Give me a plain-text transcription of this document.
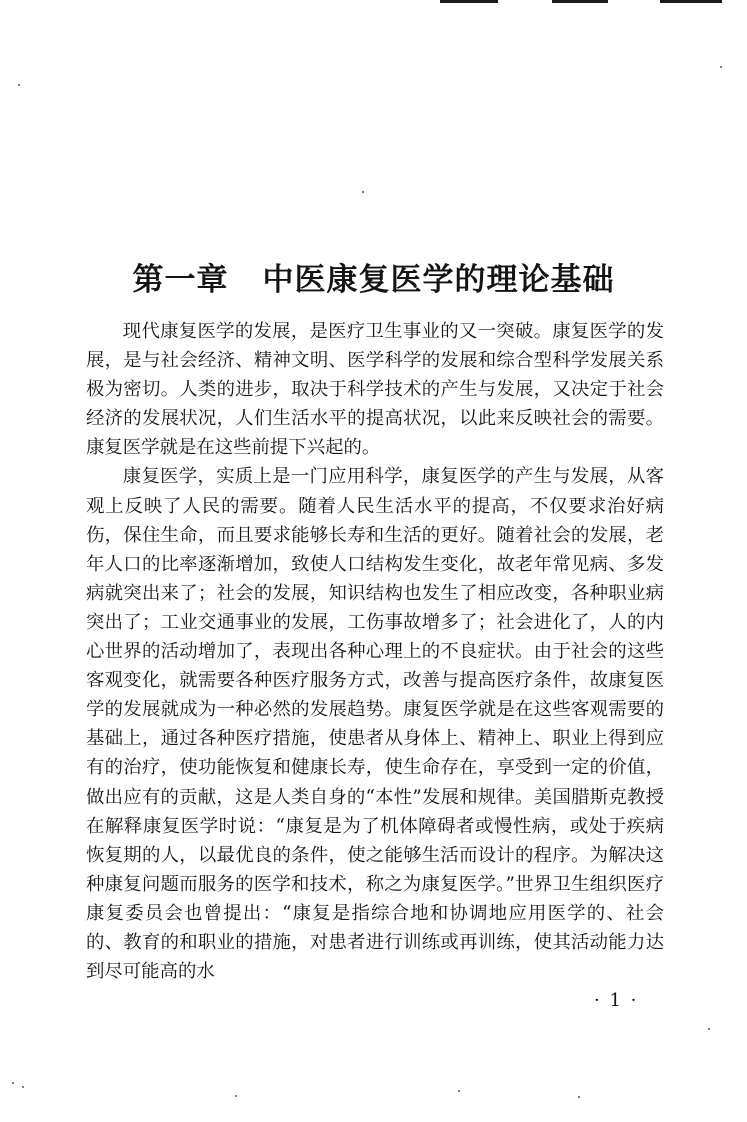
第一章 中医康复医学的理论基础

现代康复医学的发展，是医疗卫生事业的又一突破。康复医学的发展，是与社会经济、精神文明、医学科学的发展和综合型科学发展关系极为密切。人类的进步，取决于科学技术的产生与发展，又决定于社会经济的发展状况，人们生活水平的提高状况，以此来反映社会的需要。康复医学就是在这些前提下兴起的。

康复医学，实质上是一门应用科学，康复医学的产生与发展，从客观上反映了人民的需要。随着人民生活水平的提高，不仅要求治好病伤，保住生命，而且要求能够长寿和生活的更好。随着社会的发展，老年人口的比率逐渐增加，致使人口结构发生变化，故老年常见病、多发病就突出来了；社会的发展，知识结构也发生了相应改变，各种职业病突出了；工业交通事业的发展，工伤事故增多了；社会进化了，人的内心世界的活动增加了，表现出各种心理上的不良症状。由于社会的这些客观变化，就需要各种医疗服务方式，改善与提高医疗条件，故康复医学的发展就成为一种必然的发展趋势。康复医学就是在这些客观需要的基础上，通过各种医疗措施，使患者从身体上、精神上、职业上得到应有的治疗，使功能恢复和健康长寿，使生命存在，享受到一定的价值，做出应有的贡献，这是人类自身的“本性”发展和规律。美国腊斯克教授在解释康复医学时说：“康复是为了机体障碍者或慢性病，或处于疾病恢复期的人，以最优良的条件，使之能够生活而设计的程序。为解决这种康复问题而服务的医学和技术，称之为康复医学。”世界卫生组织医疗康复委员会也曾提出：“康复是指综合地和协调地应用医学的、社会的、教育的和职业的措施，对患者进行训练或再训练，使其活动能力达到尽可能高的水

· 1 ·
